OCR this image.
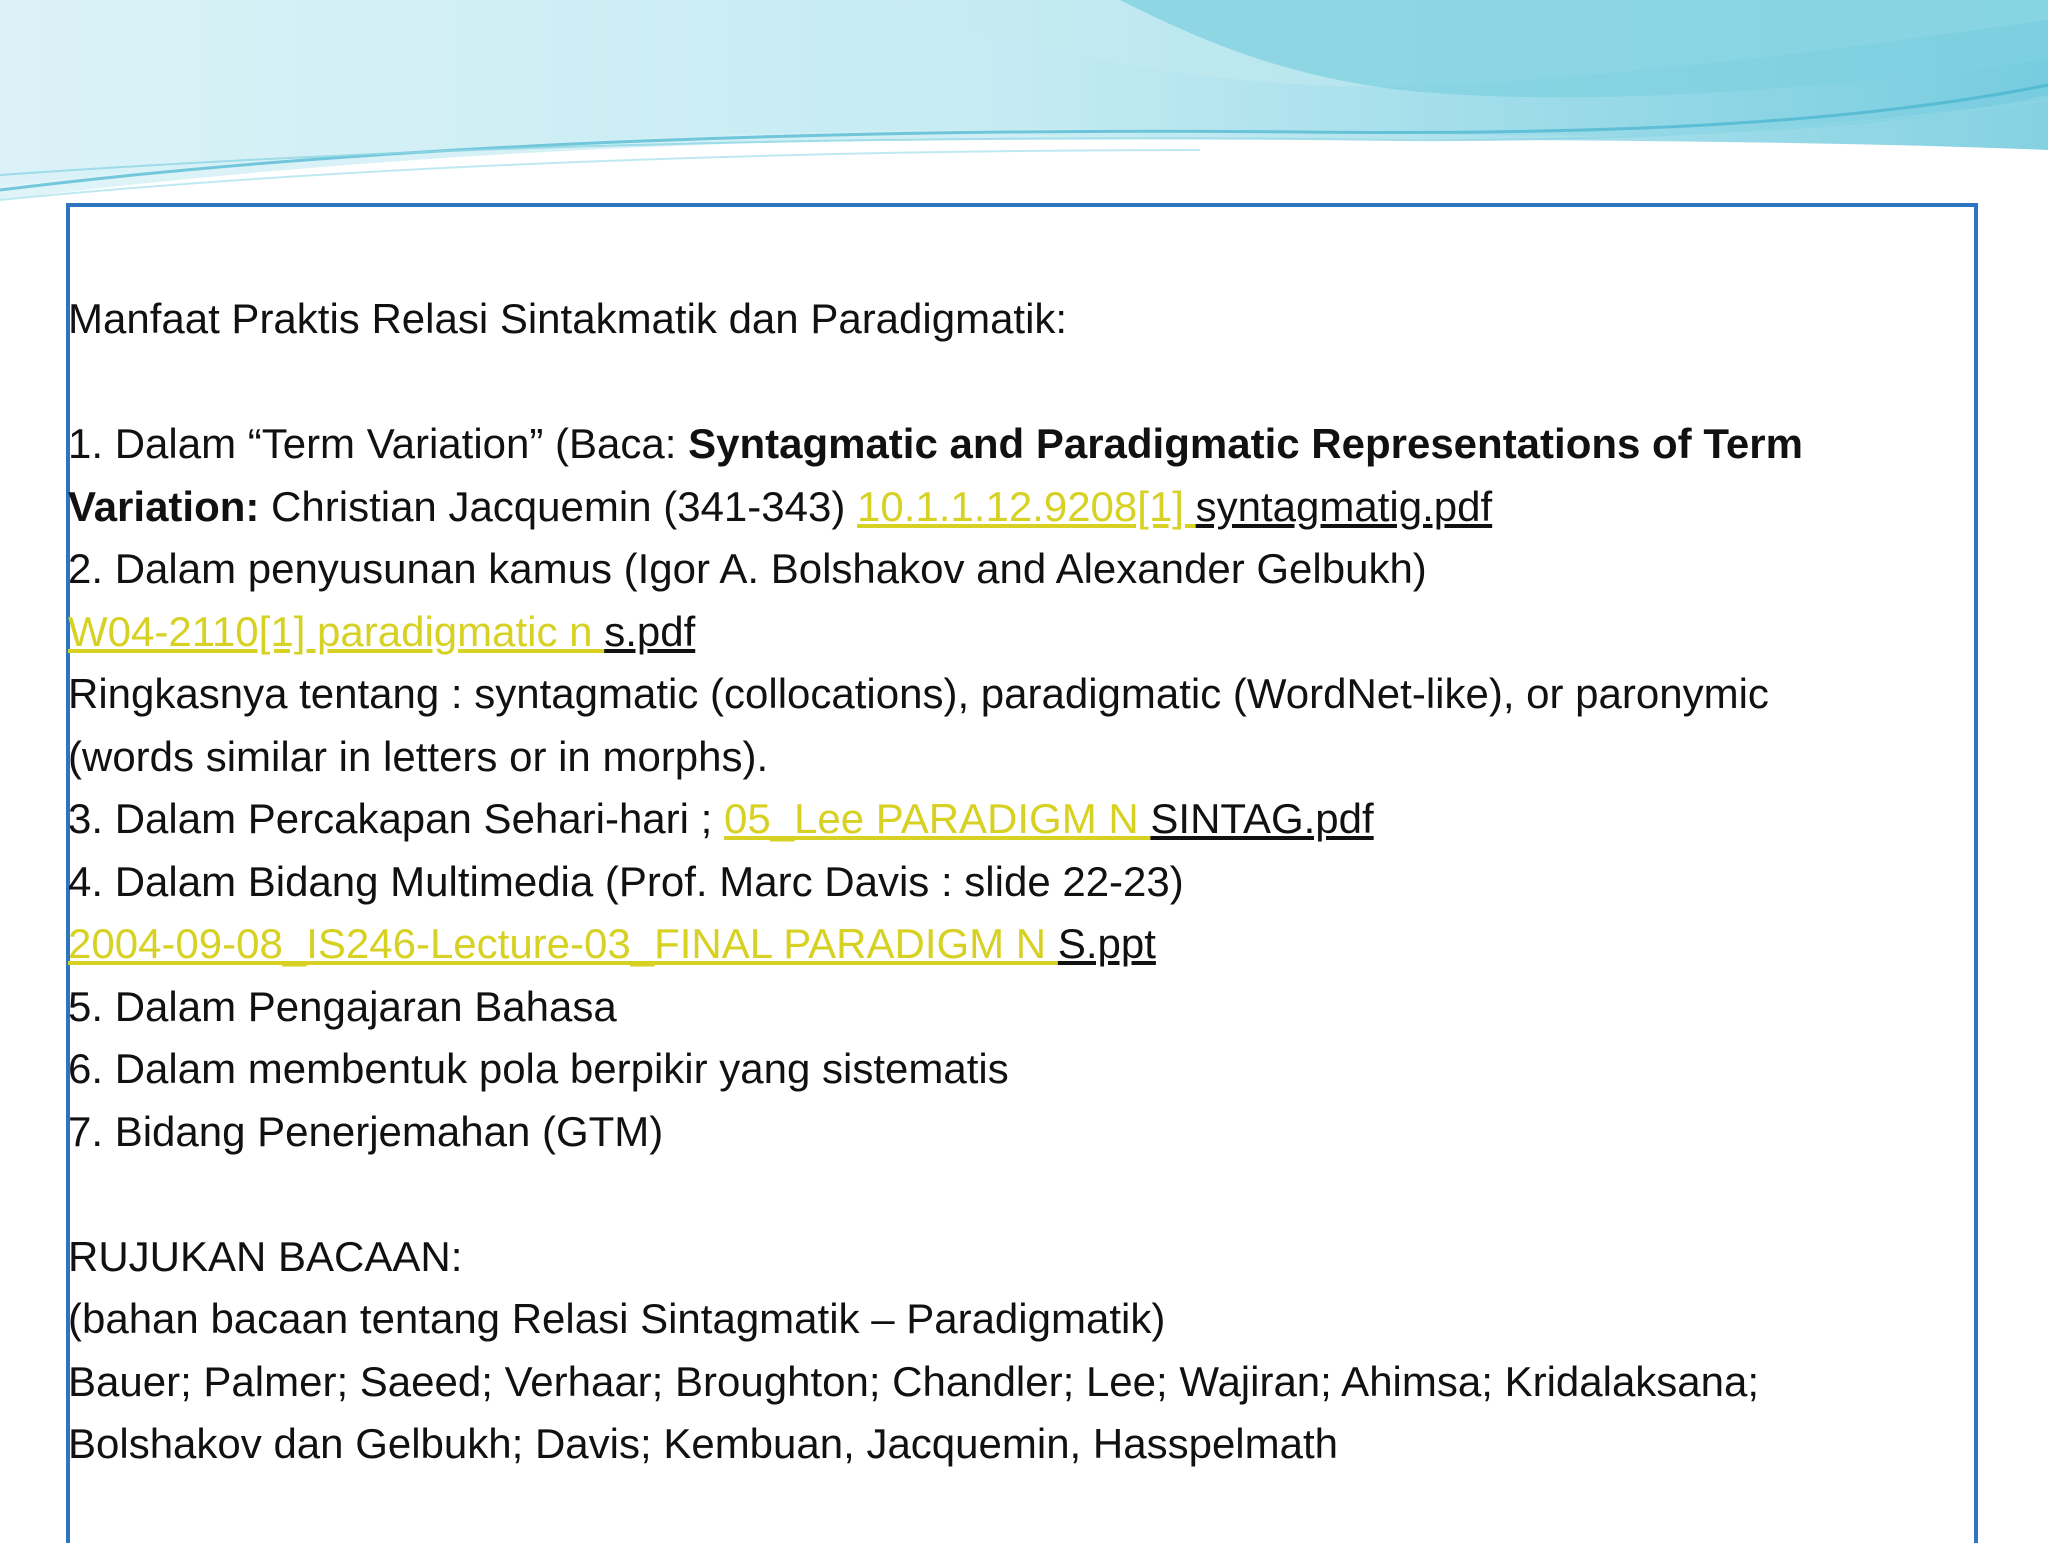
Manfaat Praktis Relasi Sintakmatik dan Paradigmatik:
1. Dalam “Term Variation” (Baca: Syntagmatic and Paradigmatic Representations of Term
Variation: Christian Jacquemin (341-343) 10.1.1.12.9208[1] syntagmatig.pdf
2. Dalam penyusunan kamus (Igor A. Bolshakov and Alexander Gelbukh)
W04-2110[1] paradigmatic n s.pdf
Ringkasnya tentang : syntagmatic (collocations), paradigmatic (WordNet-like), or paronymic
(words similar in letters or in morphs).
3. Dalam Percakapan Sehari-hari ; 05_Lee PARADIGM N SINTAG.pdf
4. Dalam Bidang Multimedia (Prof. Marc Davis : slide 22-23)
2004-09-08_IS246-Lecture-03_FINAL PARADIGM N S.ppt
5. Dalam Pengajaran Bahasa
6. Dalam membentuk pola berpikir yang sistematis
7. Bidang Penerjemahan (GTM)
RUJUKAN BACAAN:
(bahan bacaan tentang Relasi Sintagmatik – Paradigmatik)
Bauer; Palmer; Saeed; Verhaar; Broughton; Chandler; Lee; Wajiran; Ahimsa; Kridalaksana;
Bolshakov dan Gelbukh; Davis; Kembuan, Jacquemin, Hasspelmath
